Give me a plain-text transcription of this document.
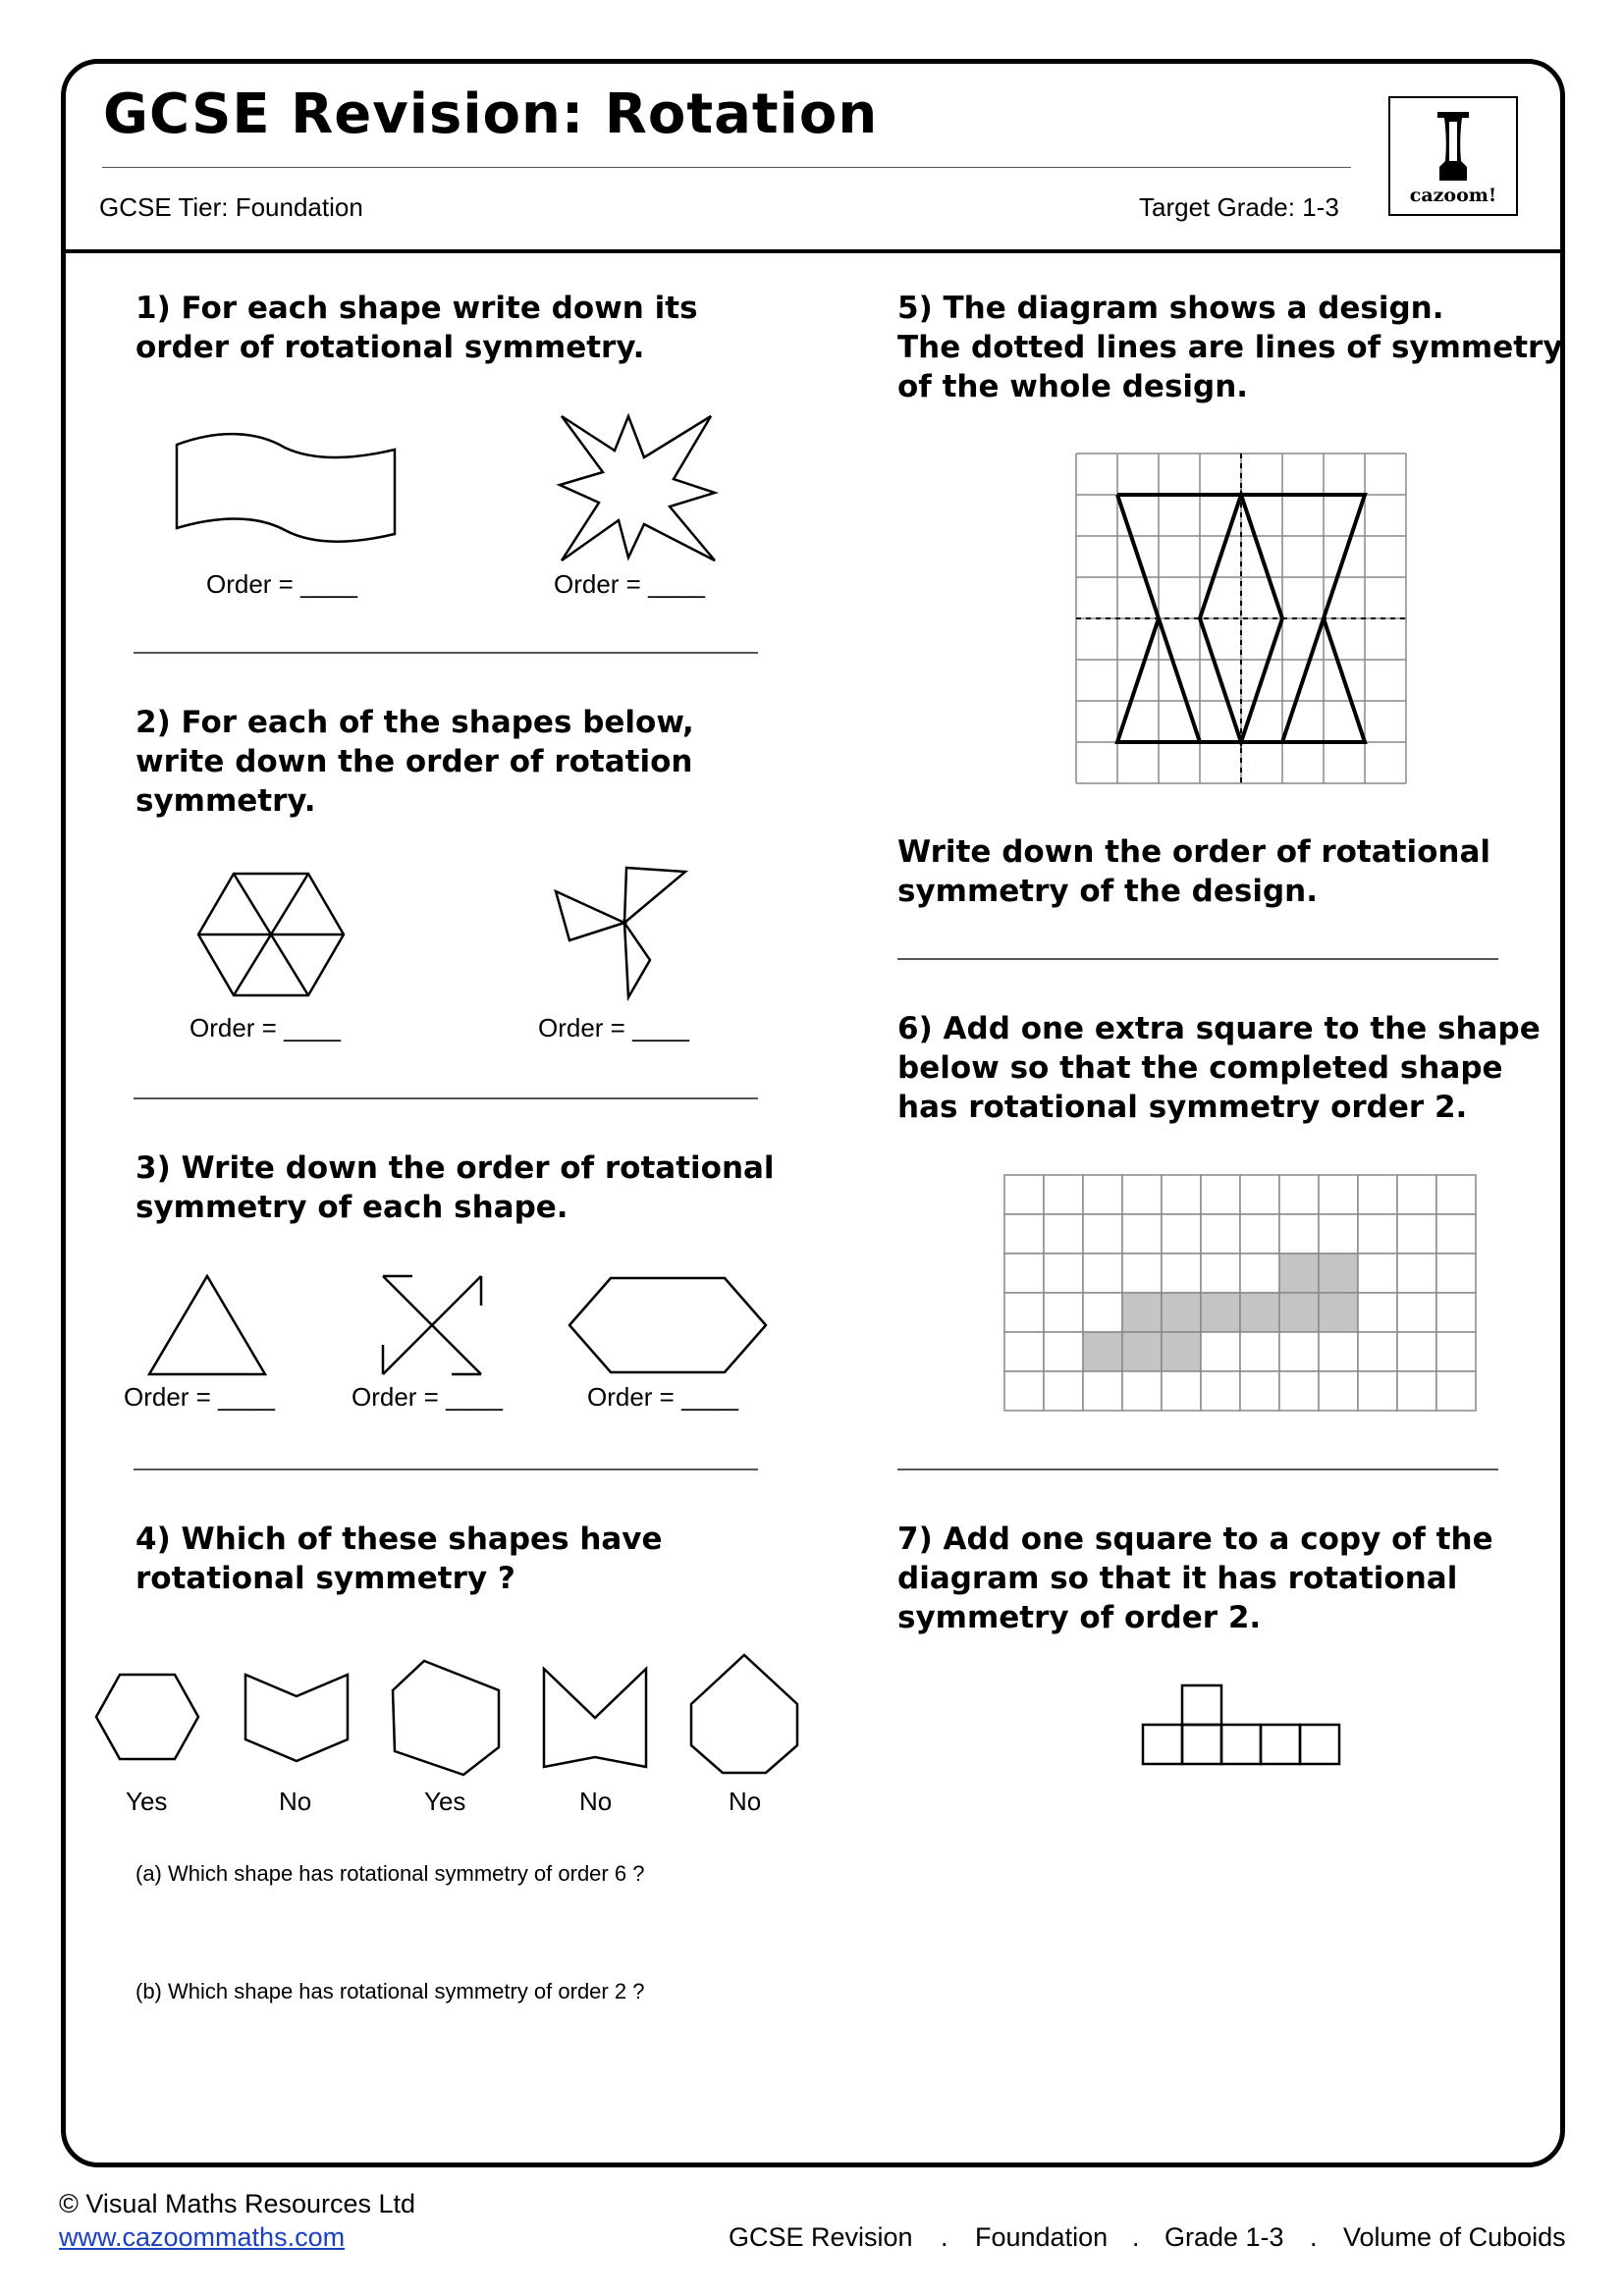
GCSE Revision: Rotation
GCSE Tier: Foundation	Target Grade: 1-3	cazoom!
1) For each shape write down its
order of rotational symmetry.
Order = ____	Order = ____
2) For each of the shapes below,
write down the order of rotation
symmetry.
Order = ____	Order = ____
3) Write down the order of rotational
symmetry of each shape.
Order = ____	Order = ____	Order = ____
4) Which of these shapes have
rotational symmetry ?
Yes	No	Yes	No	No
(a) Which shape has rotational symmetry of order 6 ?
(b) Which shape has rotational symmetry of order 2 ?
5) The diagram shows a design.
The dotted lines are lines of symmetry
of the whole design.
Write down the order of rotational
symmetry of the design.
6) Add one extra square to the shape
below so that the completed shape
has rotational symmetry order 2.
7) Add one square to a copy of the
diagram so that it has rotational
symmetry of order 2.
© Visual Maths Resources Ltd
www.cazoommaths.com	GCSE Revision . Foundation . Grade 1-3 . Volume of Cuboids
